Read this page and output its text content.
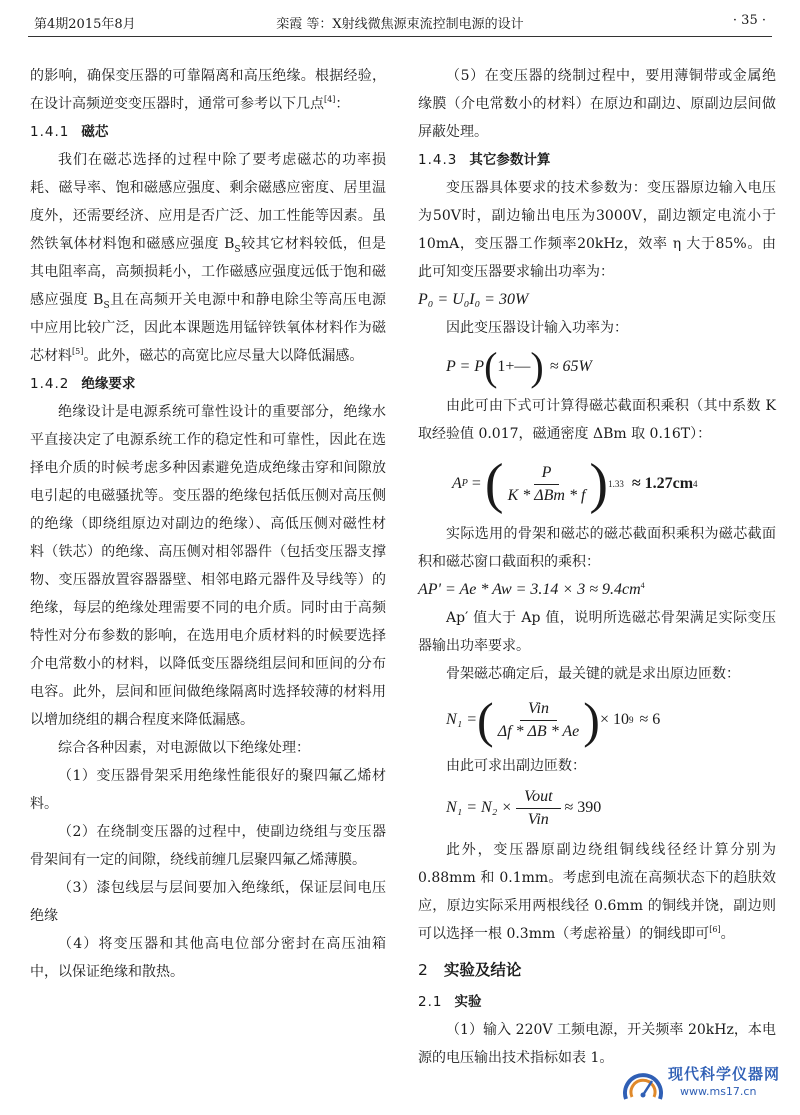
第4期2015年8月	栾霞 等：X射线微焦源束流控制电源的设计	· 35 ·

的影响，确保变压器的可靠隔离和高压绝缘。根据经验，在设计高频逆变变压器时，通常可参考以下几点[4]：

1.4.1 磁芯

我们在磁芯选择的过程中除了要考虑磁芯的功率损耗、磁导率、饱和磁感应强度、剩余磁感应密度、居里温度外，还需要经济、应用是否广泛、加工性能等因素。虽然铁氧体材料饱和磁感应强度 $B_S$较其它材料较低，但是其电阻率高，高频损耗小，工作磁感应强度远低于饱和磁感应强度 $B_S$且在高频开关电源中和静电除尘等高压电源中应用比较广泛，因此本课题选用锰锌铁氧体材料作为磁芯材料[5]。此外，磁芯的高宽比应尽量大以降低漏感。

1.4.2 绝缘要求

绝缘设计是电源系统可靠性设计的重要部分，绝缘水平直接决定了电源系统工作的稳定性和可靠性，因此在选择电介质的时候考虑多种因素避免造成绝缘击穿和间隙放电引起的电磁骚扰等。变压器的绝缘包括低压侧对高压侧的绝缘（即绕组原边对副边的绝缘）、高低压侧对磁性材料（铁芯）的绝缘、高压侧对相邻器件（包括变压器支撑物、变压器放置容器器壁、相邻电路元器件及导线等）的绝缘，每层的绝缘处理需要不同的电介质。同时由于高频特性对分布参数的影响，在选用电介质材料的时候要选择介电常数小的材料，以降低变压器绕组层间和匝间的分布电容。此外，层间和匝间做绝缘隔离时选择较薄的材料用以增加绕组的耦合程度来降低漏感。

综合各种因素，对电源做以下绝缘处理：

（1）变压器骨架采用绝缘性能很好的聚四氟乙烯材料。

（2）在绕制变压器的过程中，使副边绕组与变压器骨架间有一定的间隙，绕线前缠几层聚四氟乙烯薄膜。

（3）漆包线层与层间要加入绝缘纸，保证层间电压绝缘

（4）将变压器和其他高电位部分密封在高压油箱中，以保证绝缘和散热。

（5）在变压器的绕制过程中，要用薄铜带或金属绝缘膜（介电常数小的材料）在原边和副边、原副边层间做屏蔽处理。

1.4.3 其它参数计算

变压器具体要求的技术参数为：变压器原边输入电压为50V时，副边输出电压为3000V，副边额定电流小于10mA，变压器工作频率20kHz，效率 η 大于85%。由此可知变压器要求输出功率为：

P₀ = U₀I₀ = 30W

因此变压器设计输入功率为：

P = P ( 1+— ) ≈ 65W

由此可由下式可计算得磁芯截面积乘积（其中系数 K 取经验值 0.017，磁通密度 ΔBm 取 0.16T）：

A P = ( $\frac{P}{\text{K * ΔBm * f}}$ ) 1.33 ≈ 1.27cm 4

实际选用的骨架和磁芯的磁芯截面积乘积为磁芯截面积和磁芯窗口截面积的乘积：

$AP' = Ae * Aw = 3.14 \times 3 \approx 9.4cm^4$

Ap′ 值大于 Ap 值，说明所选磁芯骨架满足实际变压器输出功率要求。

骨架磁芯确定后，最关键的就是求出原边匝数：

N₁ = ( $\frac{\text{Vin}}{\Delta f * \Delta B * Ae}$ ) × 10 9 ≈ 6

由此可求出副边匝数：

$N_1 = N_2 \times \frac{\text{Vout}}{\text{Vin}} \approx 390$

此外，变压器原副边绕组铜线线径经计算分别为 0.88mm 和 0.1mm。考虑到电流在高频状态下的趋肤效应，原边实际采用两根线径 0.6mm 的铜线并饶，副边则可以选择一根 0.3mm（考虑裕量）的铜线即可[6]。

2 实验及结论

2.1 实验

（1）输入 220V 工频电源，开关频率 20kHz，本电源的电压输出技术指标如表 1。

现代科学仪器网
www.ms17.cn
